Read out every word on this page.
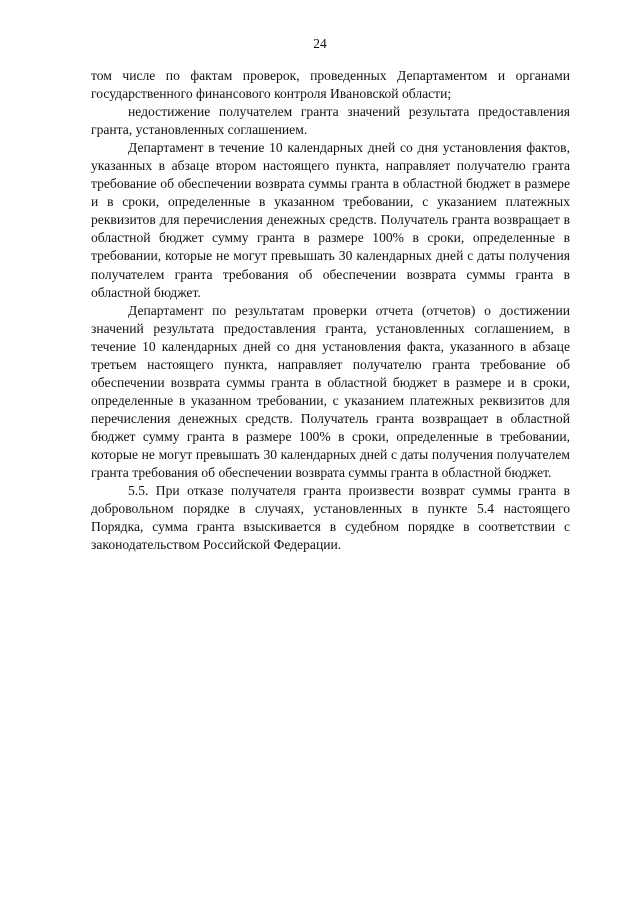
24

том числе по фактам проверок, проведенных Департаментом и органами государственного финансового контроля Ивановской области;

недостижение получателем гранта значений результата предоставления гранта, установленных соглашением.

Департамент в течение 10 календарных дней со дня установления фактов, указанных в абзаце втором настоящего пункта, направляет получателю гранта требование об обеспечении возврата суммы гранта в областной бюджет в размере и в сроки, определенные в указанном требовании, с указанием платежных реквизитов для перечисления денежных средств. Получатель гранта возвращает в областной бюджет сумму гранта в размере 100% в сроки, определенные в требовании, которые не могут превышать 30 календарных дней с даты получения получателем гранта требования об обеспечении возврата суммы гранта в областной бюджет.

Департамент по результатам проверки отчета (отчетов) о достижении значений результата предоставления гранта, установленных соглашением, в течение 10 календарных дней со дня установления факта, указанного в абзаце третьем настоящего пункта, направляет получателю гранта требование об обеспечении возврата суммы гранта в областной бюджет в размере и в сроки, определенные в указанном требовании, с указанием платежных реквизитов для перечисления денежных средств. Получатель гранта возвращает в областной бюджет сумму гранта в размере 100% в сроки, определенные в требовании, которые не могут превышать 30 календарных дней с даты получения получателем гранта требования об обеспечении возврата суммы гранта в областной бюджет.

5.5. При отказе получателя гранта произвести возврат суммы гранта в добровольном порядке в случаях, установленных в пункте 5.4 настоящего Порядка, сумма гранта взыскивается в судебном порядке в соответствии с законодательством Российской Федерации.
